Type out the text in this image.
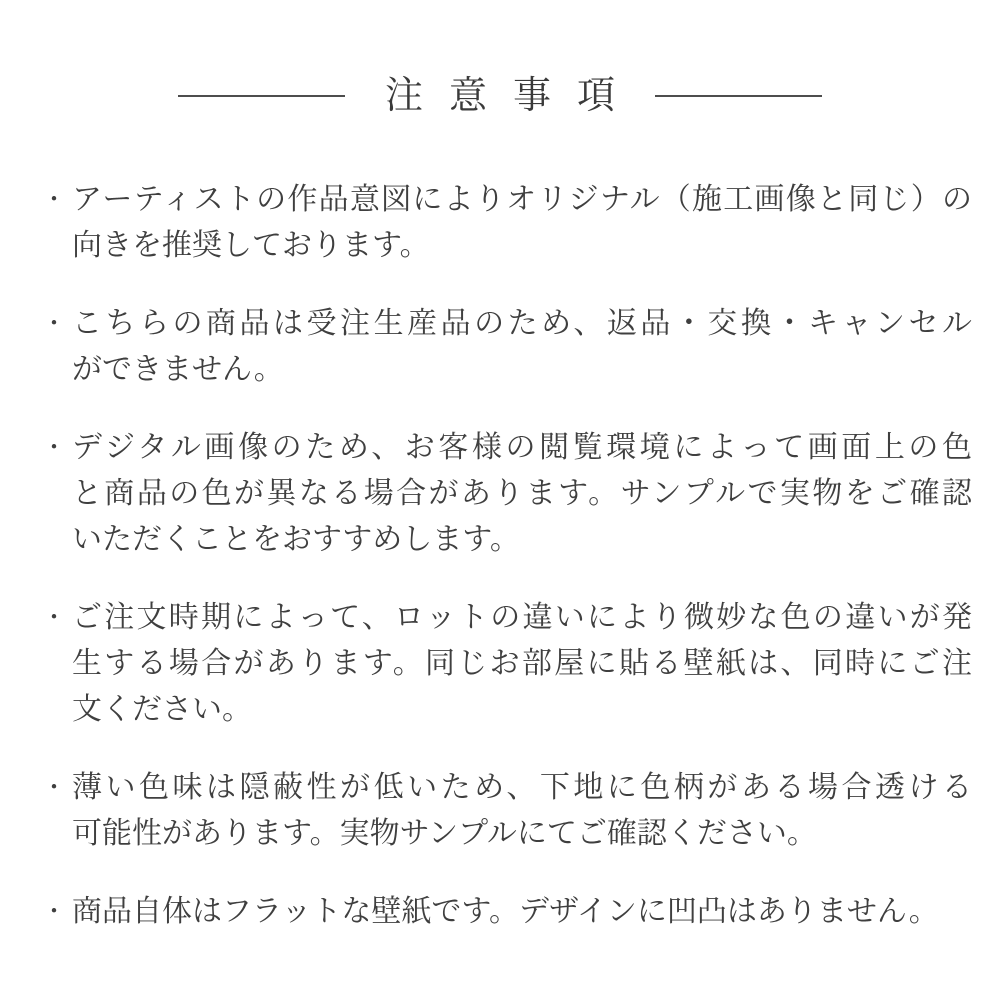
注意事項
・ アーティストの作品意図によりオリジナル（施工画像と同じ）の
向きを推奨しております。
・ こちらの商品は受注生産品のため、返品・交換・キャンセル
ができません。
・ デジタル画像のため、お客様の閲覧環境によって画面上の色
と商品の色が異なる場合があります。サンプルで実物をご確認
いただくことをおすすめします。
・ ご注文時期によって、ロットの違いにより微妙な色の違いが発
生する場合があります。同じお部屋に貼る壁紙は、同時にご注
文ください。
・ 薄い色味は隠蔽性が低いため、下地に色柄がある場合透ける
可能性があります。実物サンプルにてご確認ください。
・ 商品自体はフラットな壁紙です。デザインに凹凸はありません。
